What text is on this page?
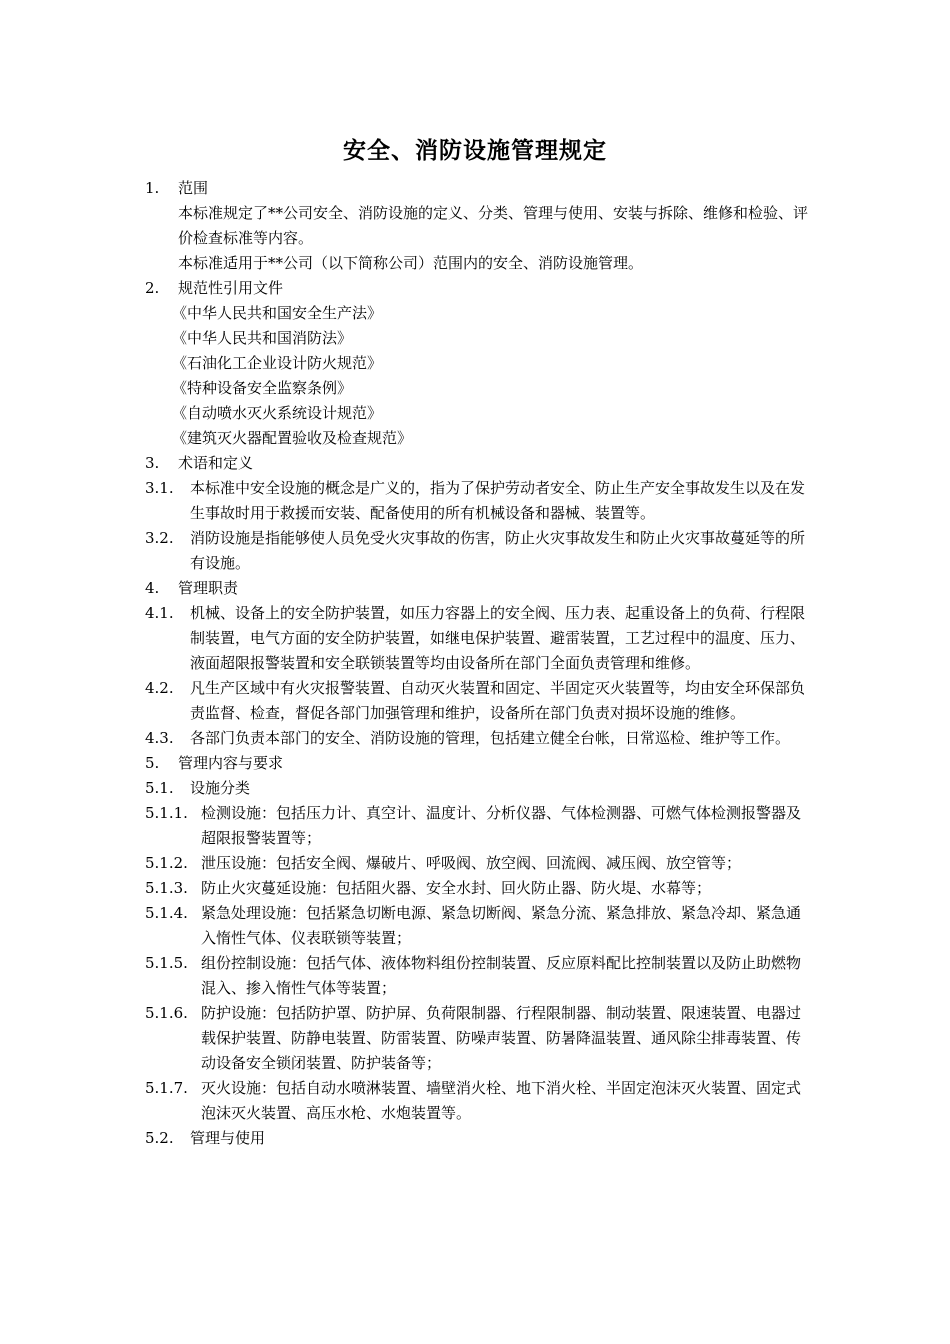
安全、消防设施管理规定
1.	范围
本标准规定了**公司安全、消防设施的定义、分类、管理与使用、安装与拆除、维修和检验、评价检查标准等内容。
本标准适用于**公司（以下简称公司）范围内的安全、消防设施管理。
2.	规范性引用文件
《中华人民共和国安全生产法》
《中华人民共和国消防法》
《石油化工企业设计防火规范》
《特种设备安全监察条例》
《自动喷水灭火系统设计规范》
《建筑灭火器配置验收及检查规范》
3.	术语和定义
3.1.	本标准中安全设施的概念是广义的，指为了保护劳动者安全、防止生产安全事故发生以及在发生事故时用于救援而安装、配备使用的所有机械设备和器械、装置等。
3.2.	消防设施是指能够使人员免受火灾事故的伤害，防止火灾事故发生和防止火灾事故蔓延等的所有设施。
4.	管理职责
4.1.	机械、设备上的安全防护装置，如压力容器上的安全阀、压力表、起重设备上的负荷、行程限制装置，电气方面的安全防护装置，如继电保护装置、避雷装置，工艺过程中的温度、压力、液面超限报警装置和安全联锁装置等均由设备所在部门全面负责管理和维修。
4.2.	凡生产区域中有火灾报警装置、自动灭火装置和固定、半固定灭火装置等，均由安全环保部负责监督、检查，督促各部门加强管理和维护，设备所在部门负责对损坏设施的维修。
4.3.	各部门负责本部门的安全、消防设施的管理，包括建立健全台帐，日常巡检、维护等工作。
5.	管理内容与要求
5.1.	设施分类
5.1.1. 检测设施：包括压力计、真空计、温度计、分析仪器、气体检测器、可燃气体检测报警器及超限报警装置等；
5.1.2. 泄压设施：包括安全阀、爆破片、呼吸阀、放空阀、回流阀、减压阀、放空管等；
5.1.3. 防止火灾蔓延设施：包括阻火器、安全水封、回火防止器、防火堤、水幕等；
5.1.4. 紧急处理设施：包括紧急切断电源、紧急切断阀、紧急分流、紧急排放、紧急冷却、紧急通入惰性气体、仪表联锁等装置；
5.1.5. 组份控制设施：包括气体、液体物料组份控制装置、反应原料配比控制装置以及防止助燃物混入、掺入惰性气体等装置；
5.1.6. 防护设施：包括防护罩、防护屏、负荷限制器、行程限制器、制动装置、限速装置、电器过载保护装置、防静电装置、防雷装置、防噪声装置、防暑降温装置、通风除尘排毒装置、传动设备安全锁闭装置、防护装备等；
5.1.7. 灭火设施：包括自动水喷淋装置、墙壁消火栓、地下消火栓、半固定泡沫灭火装置、固定式泡沫灭火装置、高压水枪、水炮装置等。
5.2.	管理与使用
